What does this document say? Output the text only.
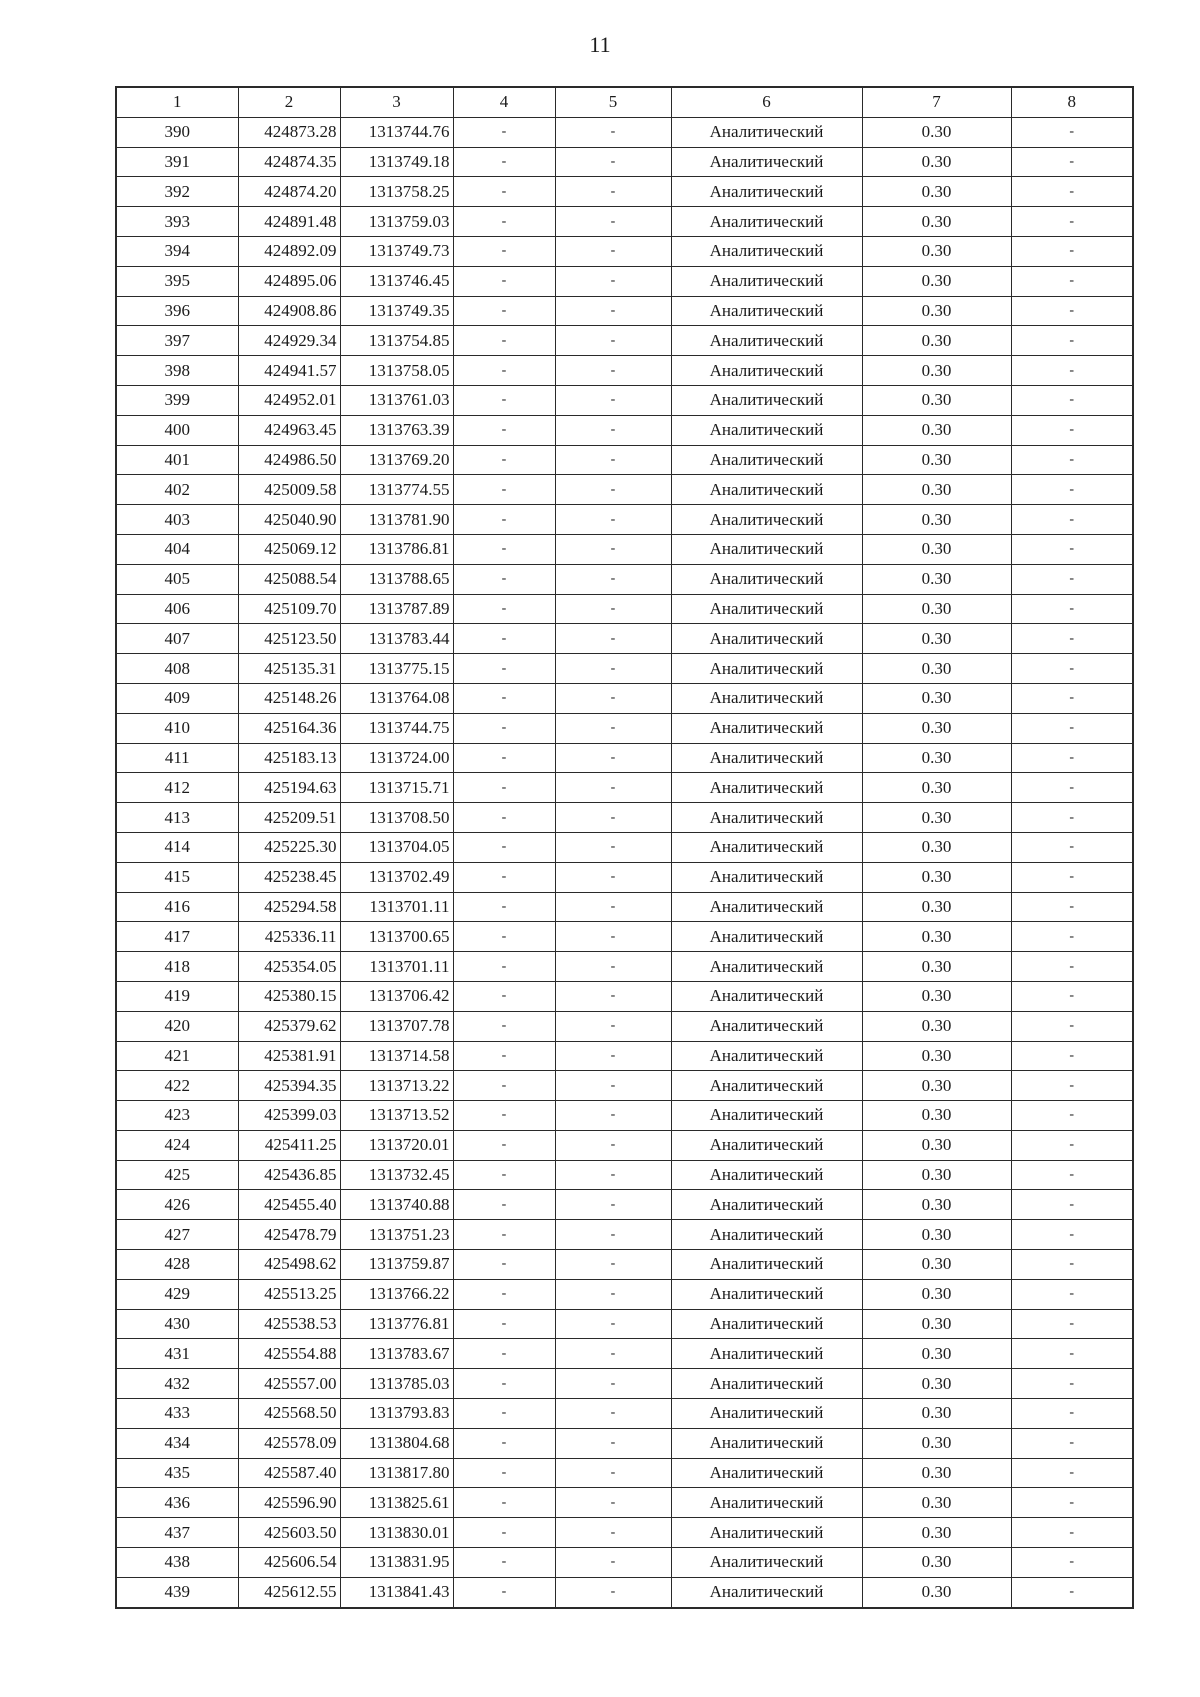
11
1	2	3	4	5	6	7	8
390	424873.28	1313744.76	-	-	Аналитический	0.30	-
391	424874.35	1313749.18	-	-	Аналитический	0.30	-
392	424874.20	1313758.25	-	-	Аналитический	0.30	-
393	424891.48	1313759.03	-	-	Аналитический	0.30	-
394	424892.09	1313749.73	-	-	Аналитический	0.30	-
395	424895.06	1313746.45	-	-	Аналитический	0.30	-
396	424908.86	1313749.35	-	-	Аналитический	0.30	-
397	424929.34	1313754.85	-	-	Аналитический	0.30	-
398	424941.57	1313758.05	-	-	Аналитический	0.30	-
399	424952.01	1313761.03	-	-	Аналитический	0.30	-
400	424963.45	1313763.39	-	-	Аналитический	0.30	-
401	424986.50	1313769.20	-	-	Аналитический	0.30	-
402	425009.58	1313774.55	-	-	Аналитический	0.30	-
403	425040.90	1313781.90	-	-	Аналитический	0.30	-
404	425069.12	1313786.81	-	-	Аналитический	0.30	-
405	425088.54	1313788.65	-	-	Аналитический	0.30	-
406	425109.70	1313787.89	-	-	Аналитический	0.30	-
407	425123.50	1313783.44	-	-	Аналитический	0.30	-
408	425135.31	1313775.15	-	-	Аналитический	0.30	-
409	425148.26	1313764.08	-	-	Аналитический	0.30	-
410	425164.36	1313744.75	-	-	Аналитический	0.30	-
411	425183.13	1313724.00	-	-	Аналитический	0.30	-
412	425194.63	1313715.71	-	-	Аналитический	0.30	-
413	425209.51	1313708.50	-	-	Аналитический	0.30	-
414	425225.30	1313704.05	-	-	Аналитический	0.30	-
415	425238.45	1313702.49	-	-	Аналитический	0.30	-
416	425294.58	1313701.11	-	-	Аналитический	0.30	-
417	425336.11	1313700.65	-	-	Аналитический	0.30	-
418	425354.05	1313701.11	-	-	Аналитический	0.30	-
419	425380.15	1313706.42	-	-	Аналитический	0.30	-
420	425379.62	1313707.78	-	-	Аналитический	0.30	-
421	425381.91	1313714.58	-	-	Аналитический	0.30	-
422	425394.35	1313713.22	-	-	Аналитический	0.30	-
423	425399.03	1313713.52	-	-	Аналитический	0.30	-
424	425411.25	1313720.01	-	-	Аналитический	0.30	-
425	425436.85	1313732.45	-	-	Аналитический	0.30	-
426	425455.40	1313740.88	-	-	Аналитический	0.30	-
427	425478.79	1313751.23	-	-	Аналитический	0.30	-
428	425498.62	1313759.87	-	-	Аналитический	0.30	-
429	425513.25	1313766.22	-	-	Аналитический	0.30	-
430	425538.53	1313776.81	-	-	Аналитический	0.30	-
431	425554.88	1313783.67	-	-	Аналитический	0.30	-
432	425557.00	1313785.03	-	-	Аналитический	0.30	-
433	425568.50	1313793.83	-	-	Аналитический	0.30	-
434	425578.09	1313804.68	-	-	Аналитический	0.30	-
435	425587.40	1313817.80	-	-	Аналитический	0.30	-
436	425596.90	1313825.61	-	-	Аналитический	0.30	-
437	425603.50	1313830.01	-	-	Аналитический	0.30	-
438	425606.54	1313831.95	-	-	Аналитический	0.30	-
439	425612.55	1313841.43	-	-	Аналитический	0.30	-
